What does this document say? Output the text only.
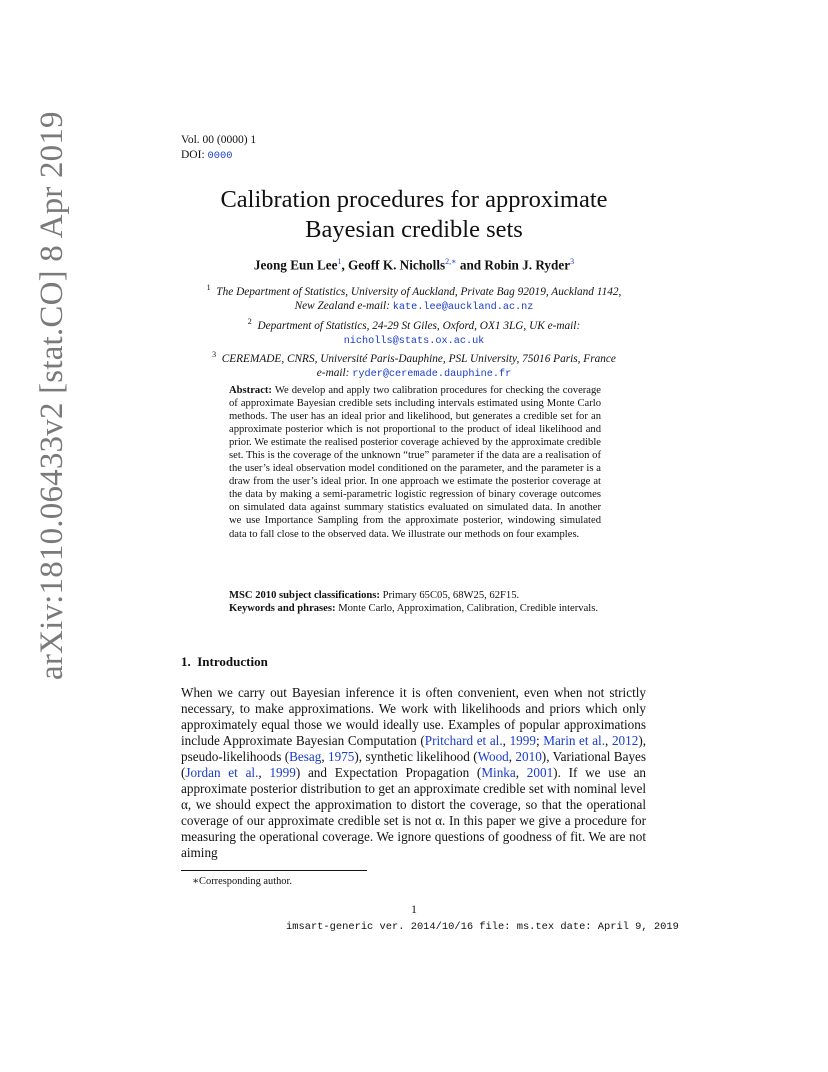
arXiv:1810.06433v2 [stat.CO] 8 Apr 2019	Vol. 00 (0000) 1
DOI: 0000
Calibration procedures for approximate
Bayesian credible sets
Jeong Eun Lee$^1$, Geoff K. Nicholls$^{2,∗}$ and Robin J. Ryder$^3$
$^1$ The Department of Statistics, University of Auckland, Private Bag 92019, Auckland 1142,
New Zealand e-mail: kate.lee@auckland.ac.nz
$^2$ Department of Statistics, 24-29 St Giles, Oxford, OX1 3LG, UK e-mail:
nicholls@stats.ox.ac.uk
$^3$ CEREMADE, CNRS, Université Paris-Dauphine, PSL University, 75016 Paris, France
e-mail: ryder@ceremade.dauphine.fr
Abstract: We develop and apply two calibration procedures for checking the coverage of approximate Bayesian credible sets including intervals estimated using Monte Carlo methods. The user has an ideal prior and likelihood, but generates a credible set for an approximate posterior which is not proportional to the product of ideal likelihood and prior. We estimate the realised posterior coverage achieved by the approximate credible set. This is the coverage of the unknown “true” parameter if the data are a realisation of the user’s ideal observation model conditioned on the parameter, and the parameter is a draw from the user’s ideal prior. In one approach we estimate the posterior coverage at the data by making a semi-parametric logistic regression of binary coverage outcomes on simulated data against summary statistics evaluated on simulated data. In another we use Importance Sampling from the approximate posterior, windowing simulated data to fall close to the observed data. We illustrate our methods on four examples.
MSC 2010 subject classifications: Primary 65C05, 68W25, 62F15.
Keywords and phrases: Monte Carlo, Approximation, Calibration, Credible intervals.
1. Introduction

When we carry out Bayesian inference it is often convenient, even when not strictly necessary, to make approximations. We work with likelihoods and priors which only approximately equal those we would ideally use. Examples of popular approximations include Approximate Bayesian Computation (Pritchard et al., 1999; Marin et al., 2012), pseudo-likelihoods (Besag, 1975), synthetic likelihood (Wood, 2010), Variational Bayes (Jordan et al., 1999) and Expectation Propagation (Minka, 2001). If we use an approximate posterior distribution to get an approximate credible set with nominal level α, we should expect the approximation to distort the coverage, so that the operational coverage of our approximate credible set is not α. In this paper we give a procedure for measuring the operational coverage. We ignore questions of goodness of fit. We are not aiming

∗Corresponding author.
1
imsart-generic ver. 2014/10/16 file: ms.tex date: April 9, 2019
